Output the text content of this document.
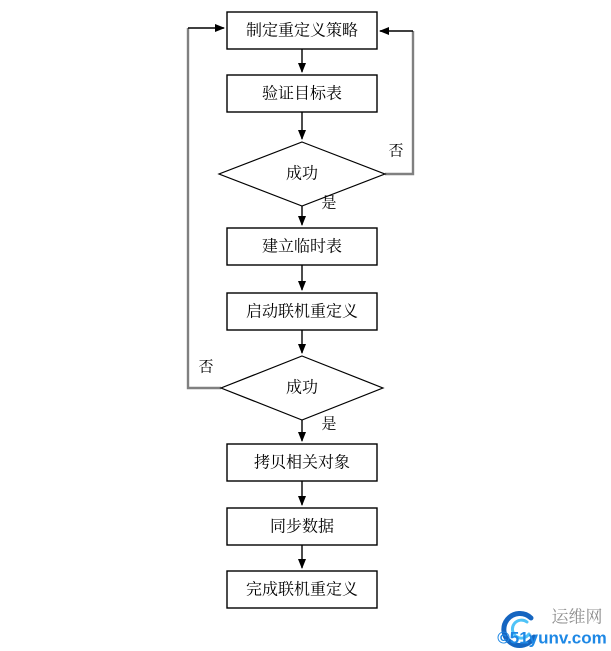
制定重定义策略
验证目标表
成功
否
是
建立临时表
启动联机重定义
成功
否
是
拷贝相关对象
同步数据
完成联机重定义
运维网
©51yunv.com
